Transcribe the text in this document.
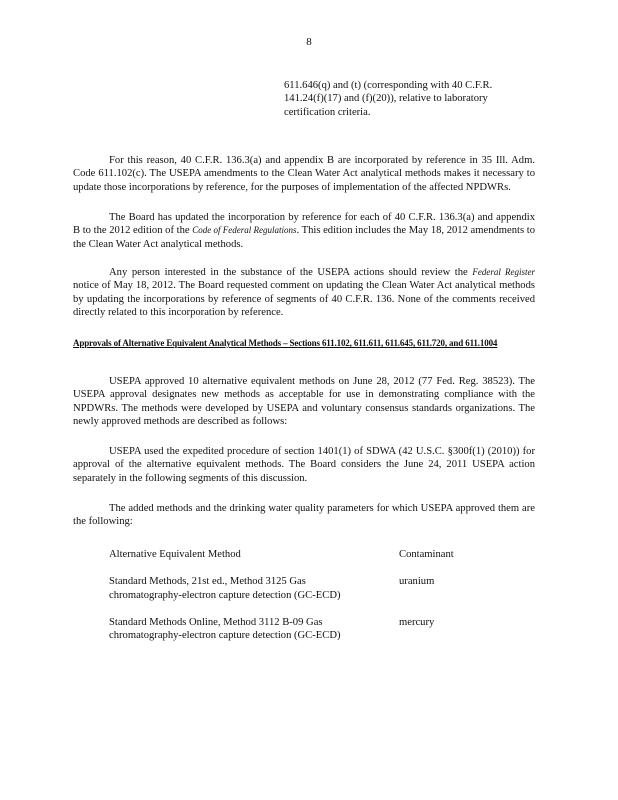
8
611.646(q) and (t) (corresponding with 40 C.F.R. 141.24(f)(17) and (f)(20)), relative to laboratory certification criteria.
For this reason, 40 C.F.R. 136.3(a) and appendix B are incorporated by reference in 35 Ill. Adm. Code 611.102(c). The USEPA amendments to the Clean Water Act analytical methods makes it necessary to update those incorporations by reference, for the purposes of implementation of the affected NPDWRs.
The Board has updated the incorporation by reference for each of 40 C.F.R. 136.3(a) and appendix B to the 2012 edition of the Code of Federal Regulations. This edition includes the May 18, 2012 amendments to the Clean Water Act analytical methods.
Any person interested in the substance of the USEPA actions should review the Federal Register notice of May 18, 2012. The Board requested comment on updating the Clean Water Act analytical methods by updating the incorporations by reference of segments of 40 C.F.R. 136. None of the comments received directly related to this incorporation by reference.
Approvals of Alternative Equivalent Analytical Methods – Sections 611.102, 611.611, 611.645, 611.720, and 611.1004
USEPA approved 10 alternative equivalent methods on June 28, 2012 (77 Fed. Reg. 38523). The USEPA approval designates new methods as acceptable for use in demonstrating compliance with the NPDWRs. The methods were developed by USEPA and voluntary consensus standards organizations. The newly approved methods are described as follows:
USEPA used the expedited procedure of section 1401(1) of SDWA (42 U.S.C. §300f(1) (2010)) for approval of the alternative equivalent methods. The Board considers the June 24, 2011 USEPA action separately in the following segments of this discussion.
The added methods and the drinking water quality parameters for which USEPA approved them are the following:
Alternative Equivalent Method	Contaminant
Standard Methods, 21st ed., Method 3125 Gas chromatography-electron capture detection (GC-ECD)
uranium
Standard Methods Online, Method 3112 B-09 Gas chromatography-electron capture detection (GC-ECD)
mercury
